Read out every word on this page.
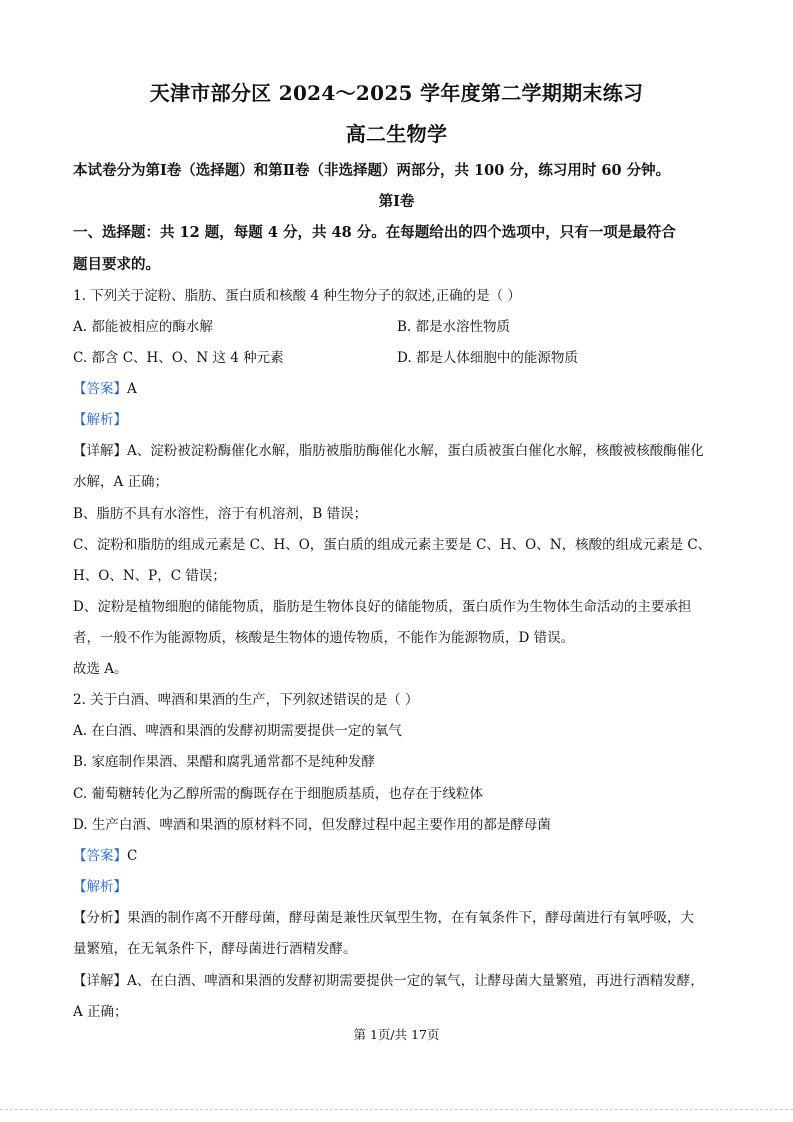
天津市部分区 2024～2025 学年度第二学期期末练习
高二生物学
本试卷分为第Ⅰ卷（选择题）和第Ⅱ卷（非选择题）两部分，共 100 分，练习用时 60 分钟。
第Ⅰ卷
一、选择题：共 12 题，每题 4 分，共 48 分。在每题给出的四个选项中，只有一项是最符合
题目要求的。
1. 下列关于淀粉、脂肪、蛋白质和核酸 4 种生物分子的叙述,正确的是（ ）
A. 都能被相应的酶水解	B. 都是水溶性物质
C. 都含 C、H、O、N 这 4 种元素	D. 都是人体细胞中的能源物质
【答案】A
【解析】
【详解】A、淀粉被淀粉酶催化水解，脂肪被脂肪酶催化水解，蛋白质被蛋白催化水解，核酸被核酸酶催化
水解，A 正确；
B、脂肪不具有水溶性，溶于有机溶剂，B 错误；
C、淀粉和脂肪的组成元素是 C、H、O，蛋白质的组成元素主要是 C、H、O、N，核酸的组成元素是 C、
H、O、N、P，C 错误；
D、淀粉是植物细胞的储能物质，脂肪是生物体良好的储能物质，蛋白质作为生物体生命活动的主要承担
者，一般不作为能源物质，核酸是生物体的遗传物质，不能作为能源物质，D 错误。
故选 A。
2. 关于白酒、啤酒和果酒的生产，下列叙述错误的是（ ）
A. 在白酒、啤酒和果酒的发酵初期需要提供一定的氧气
B. 家庭制作果酒、果醋和腐乳通常都不是纯种发酵
C. 葡萄糖转化为乙醇所需的酶既存在于细胞质基质，也存在于线粒体
D. 生产白酒、啤酒和果酒的原材料不同，但发酵过程中起主要作用的都是酵母菌
【答案】C
【解析】
【分析】果酒的制作离不开酵母菌，酵母菌是兼性厌氧型生物，在有氧条件下，酵母菌进行有氧呼吸，大
量繁殖，在无氧条件下，酵母菌进行酒精发酵。
【详解】A、在白酒、啤酒和果酒的发酵初期需要提供一定的氧气，让酵母菌大量繁殖，再进行酒精发酵，
A 正确；
第 1页/共 17页
